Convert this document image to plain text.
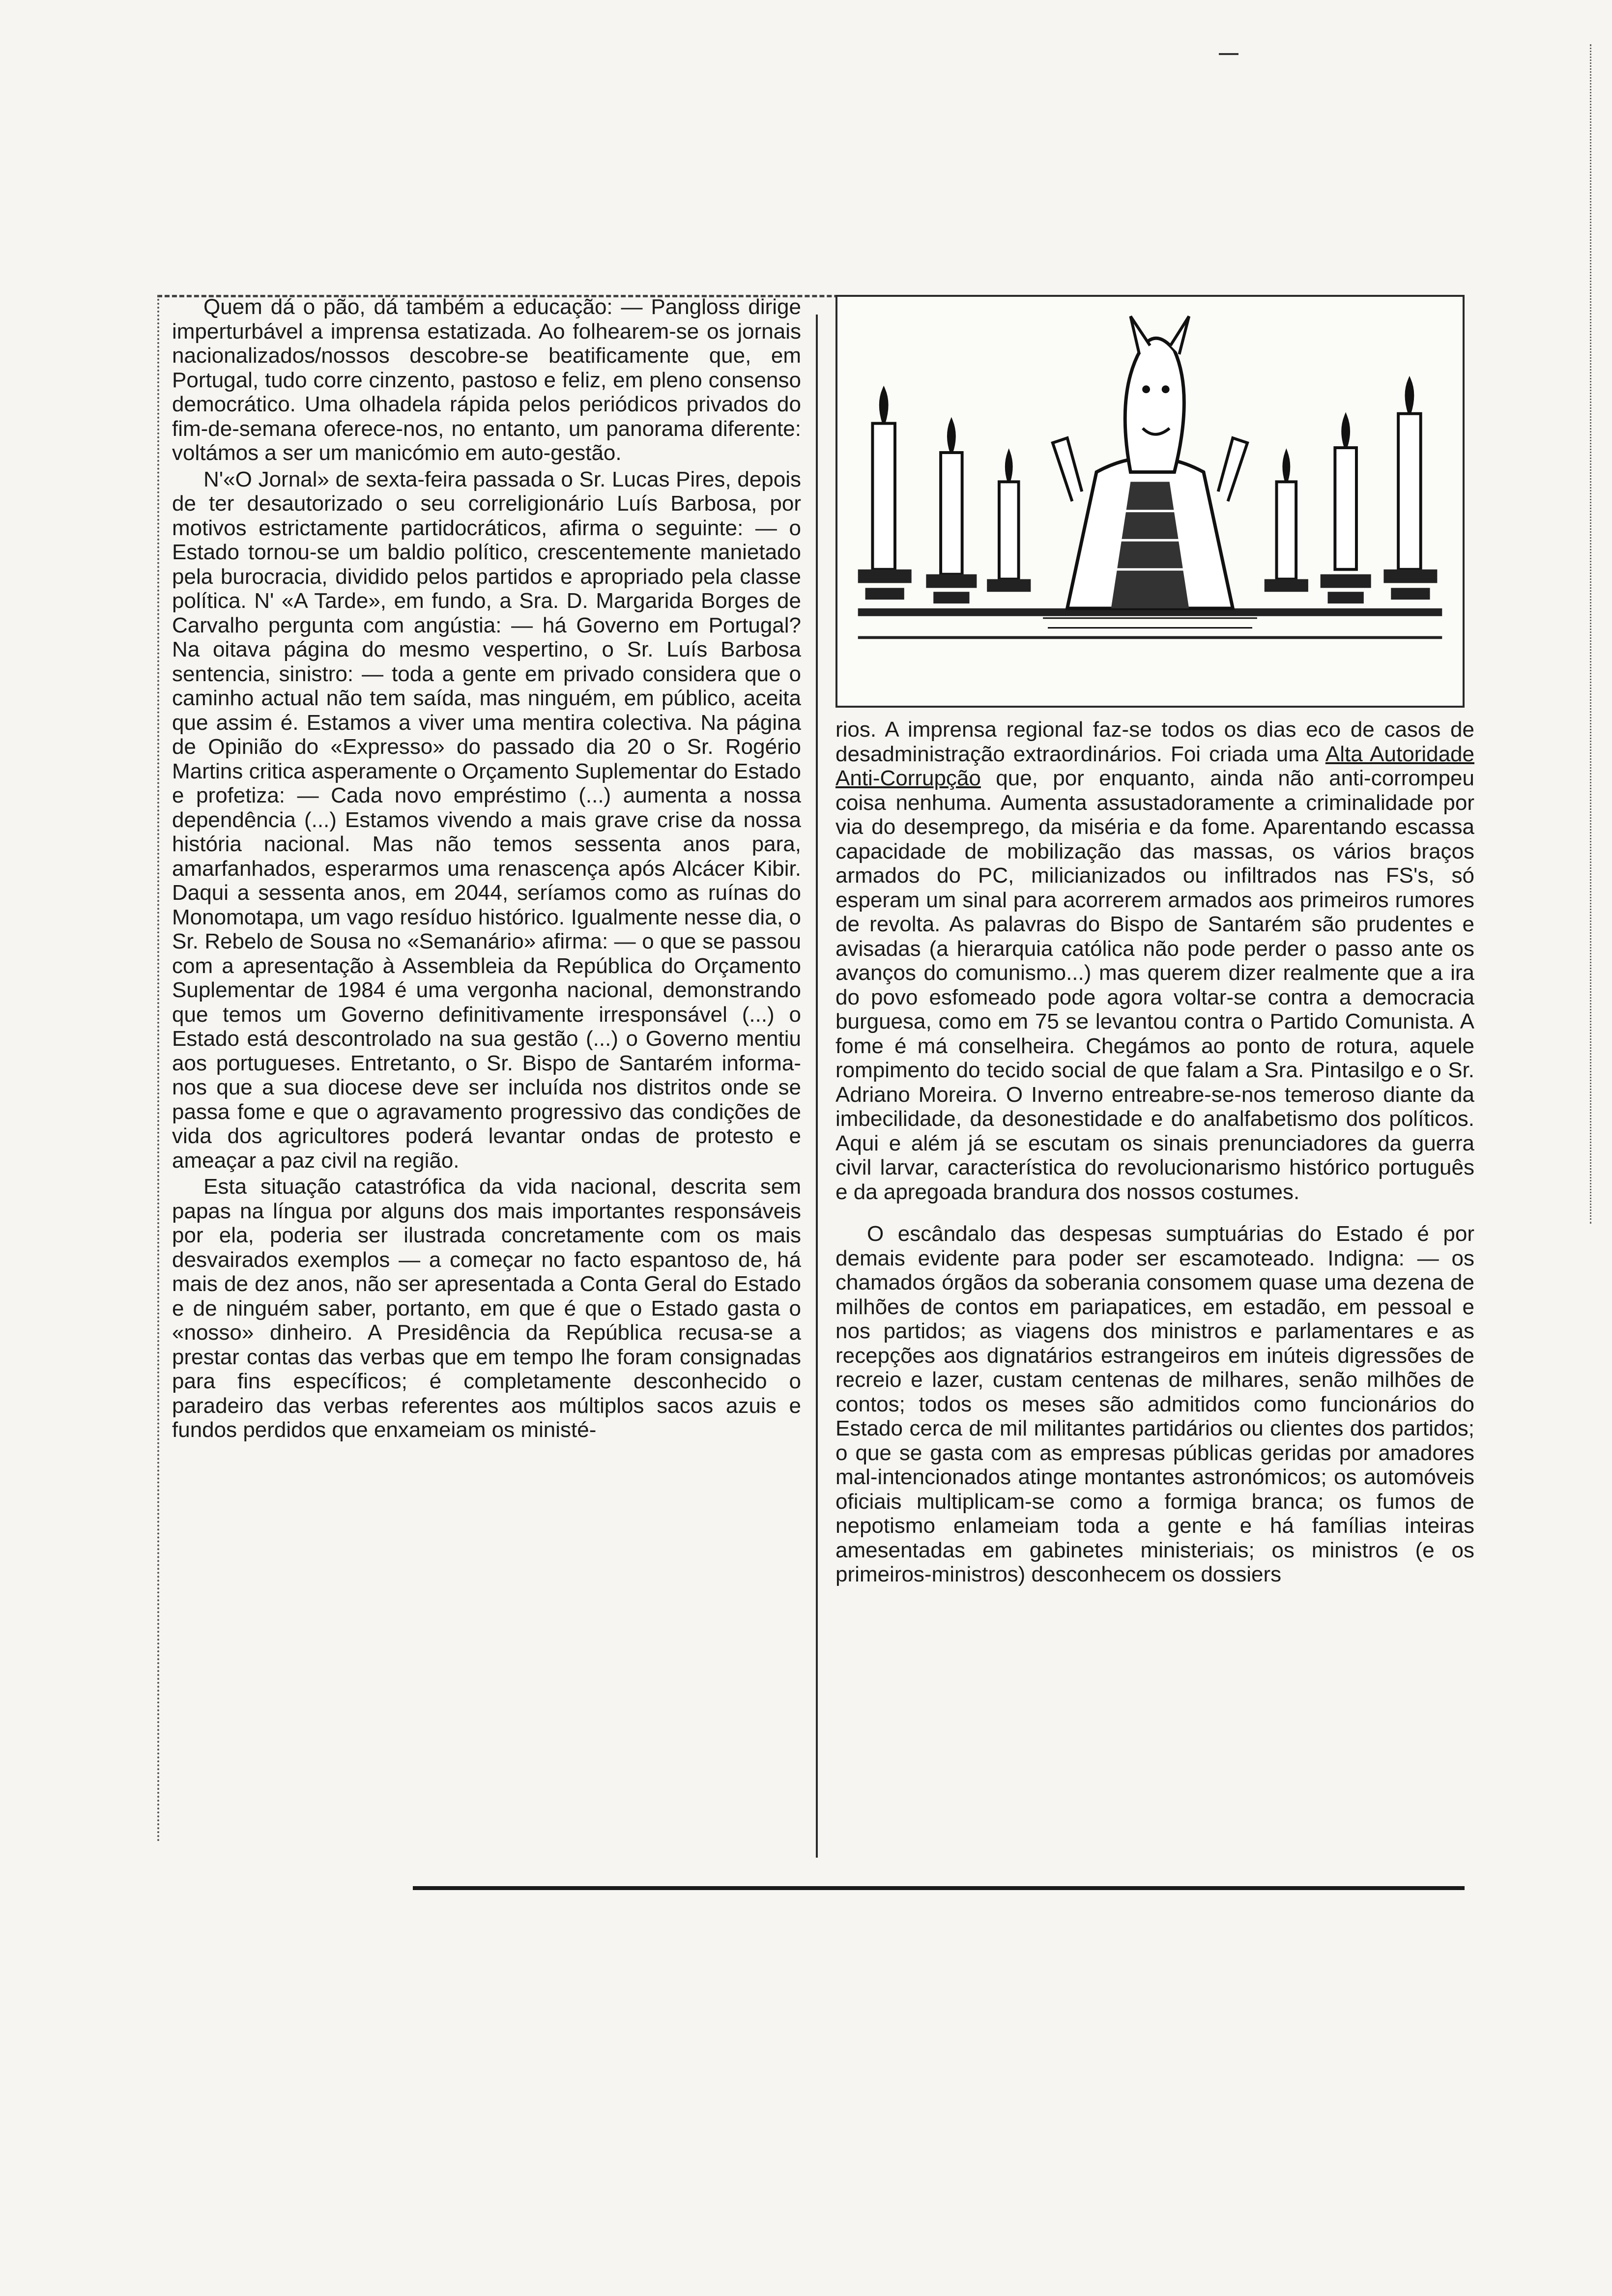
Quem dá o pão, dá também a educação: — Pangloss dirige imperturbável a imprensa estatizada. Ao folhearem-se os jornais nacionalizados/nossos descobre-se beatificamente que, em Portugal, tudo corre cinzento, pastoso e feliz, em pleno consenso democrático. Uma olhadela rápida pelos periódicos privados do fim-de-semana oferece-nos, no entanto, um panorama diferente: voltámos a ser um manicómio em auto-gestão.

N'«O Jornal» de sexta-feira passada o Sr. Lucas Pires, depois de ter desautorizado o seu correligionário Luís Barbosa, por motivos estrictamente partidocráticos, afirma o seguinte: — o Estado tornou-se um baldio político, crescentemente manietado pela burocracia, dividido pelos partidos e apropriado pela classe política. N' «A Tarde», em fundo, a Sra. D. Margarida Borges de Carvalho pergunta com angústia: — há Governo em Portugal? Na oitava página do mesmo vespertino, o Sr. Luís Barbosa sentencia, sinistro: — toda a gente em privado considera que o caminho actual não tem saída, mas ninguém, em público, aceita que assim é. Estamos a viver uma mentira colectiva. Na página de Opinião do «Expresso» do passado dia 20 o Sr. Rogério Martins critica asperamente o Orçamento Suplementar do Estado e profetiza: — Cada novo empréstimo (...) aumenta a nossa dependência (...) Estamos vivendo a mais grave crise da nossa história nacional. Mas não temos sessenta anos para, amarfanhados, esperarmos uma renascença após Alcácer Kibir. Daqui a sessenta anos, em 2044, seríamos como as ruínas do Monomotapa, um vago resíduo histórico. Igualmente nesse dia, o Sr. Rebelo de Sousa no «Semanário» afirma: — o que se passou com a apresentação à Assembleia da República do Orçamento Suplementar de 1984 é uma vergonha nacional, demonstrando que temos um Governo definitivamente irresponsável (...) o Estado está descontrolado na sua gestão (...) o Governo mentiu aos portugueses. Entretanto, o Sr. Bispo de Santarém informa-nos que a sua diocese deve ser incluída nos distritos onde se passa fome e que o agravamento progressivo das condições de vida dos agricultores poderá levantar ondas de protesto e ameaçar a paz civil na região.

Esta situação catastrófica da vida nacional, descrita sem papas na língua por alguns dos mais importantes responsáveis por ela, poderia ser ilustrada concretamente com os mais desvairados exemplos — a começar no facto espantoso de, há mais de dez anos, não ser apresentada a Conta Geral do Estado e de ninguém saber, portanto, em que é que o Estado gasta o «nosso» dinheiro. A Presidência da República recusa-se a prestar contas das verbas que em tempo lhe foram consignadas para fins específicos; é completamente desconhecido o paradeiro das verbas referentes aos múltiplos sacos azuis e fundos perdidos que enxameiam os ministé-

rios. A imprensa regional faz-se todos os dias eco de casos de desadministração extraordinários. Foi criada uma Alta Autoridade Anti-Corrupção que, por enquanto, ainda não anti-corrompeu coisa nenhuma. Aumenta assustadoramente a criminalidade por via do desemprego, da miséria e da fome. Aparentando escassa capacidade de mobilização das massas, os vários braços armados do PC, milicianizados ou infiltrados nas FS's, só esperam um sinal para acorrerem armados aos primeiros rumores de revolta. As palavras do Bispo de Santarém são prudentes e avisadas (a hierarquia católica não pode perder o passo ante os avanços do comunismo...) mas querem dizer realmente que a ira do povo esfomeado pode agora voltar-se contra a democracia burguesa, como em 75 se levantou contra o Partido Comunista. A fome é má conselheira. Chegámos ao ponto de rotura, aquele rompimento do tecido social de que falam a Sra. Pintasilgo e o Sr. Adriano Moreira. O Inverno entreabre-se-nos temeroso diante da imbecilidade, da desonestidade e do analfabetismo dos políticos. Aqui e além já se escutam os sinais prenunciadores da guerra civil larvar, característica do revolucionarismo histórico português e da apregoada brandura dos nossos costumes.

O escândalo das despesas sumptuárias do Estado é por demais evidente para poder ser escamoteado. Indigna: — os chamados órgãos da soberania consomem quase uma dezena de milhões de contos em pariapatices, em estadão, em pessoal e nos partidos; as viagens dos ministros e parlamentares e as recepções aos dignatários estrangeiros em inúteis digressões de recreio e lazer, custam centenas de milhares, senão milhões de contos; todos os meses são admitidos como funcionários do Estado cerca de mil militantes partidários ou clientes dos partidos; o que se gasta com as empresas públicas geridas por amadores mal-intencionados atinge montantes astronómicos; os automóveis oficiais multiplicam-se como a formiga branca; os fumos de nepotismo enlameiam toda a gente e há famílias inteiras amesentadas em gabinetes ministeriais; os ministros (e os primeiros-ministros) desconhecem os dossiers
